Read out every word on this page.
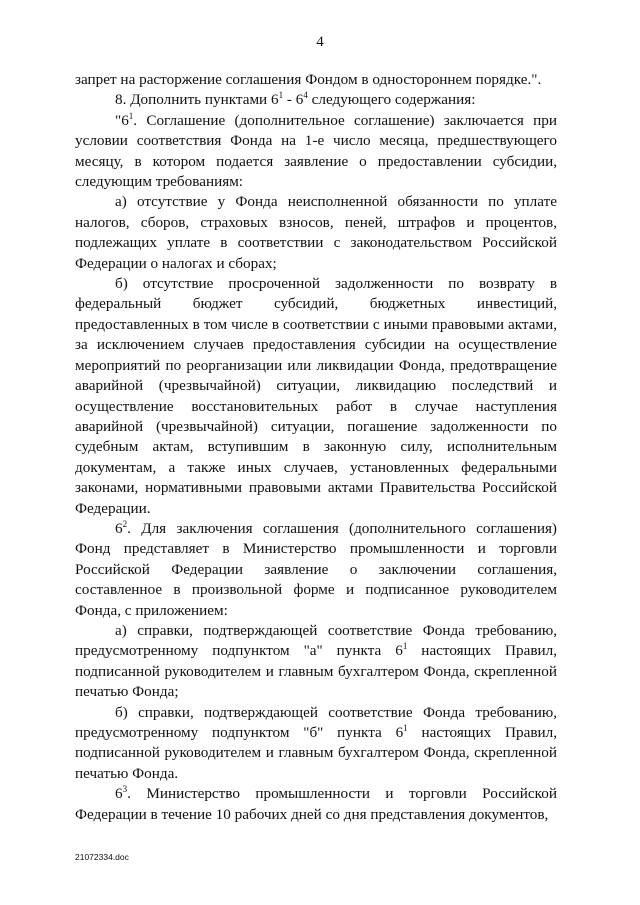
4

запрет на расторжение соглашения Фондом в одностороннем порядке.".

8. Дополнить пунктами $6^1 - 6^4$ следующего содержания:

"$6^1$. Соглашение (дополнительное соглашение) заключается при условии соответствия Фонда на 1-е число месяца, предшествующего месяцу, в котором подается заявление о предоставлении субсидии, следующим требованиям:

а) отсутствие у Фонда неисполненной обязанности по уплате налогов, сборов, страховых взносов, пеней, штрафов и процентов, подлежащих уплате в соответствии с законодательством Российской Федерации о налогах и сборах;

б) отсутствие просроченной задолженности по возврату в федеральный бюджет субсидий, бюджетных инвестиций, предоставленных в том числе в соответствии с иными правовыми актами, за исключением случаев предоставления субсидии на осуществление мероприятий по реорганизации или ликвидации Фонда, предотвращение аварийной (чрезвычайной) ситуации, ликвидацию последствий и осуществление восстановительных работ в случае наступления аварийной (чрезвычайной) ситуации, погашение задолженности по судебным актам, вступившим в законную силу, исполнительным документам, а также иных случаев, установленных федеральными законами, нормативными правовыми актами Правительства Российской Федерации.

$6^2$. Для заключения соглашения (дополнительного соглашения) Фонд представляет в Министерство промышленности и торговли Российской Федерации заявление о заключении соглашения, составленное в произвольной форме и подписанное руководителем Фонда, с приложением:

а) справки, подтверждающей соответствие Фонда требованию, предусмотренному подпунктом "а" пункта $6^1$ настоящих Правил, подписанной руководителем и главным бухгалтером Фонда, скрепленной печатью Фонда;

б) справки, подтверждающей соответствие Фонда требованию, предусмотренному подпунктом "б" пункта $6^1$ настоящих Правил, подписанной руководителем и главным бухгалтером Фонда, скрепленной печатью Фонда.

$6^3$. Министерство промышленности и торговли Российской Федерации в течение 10 рабочих дней со дня представления документов,

21072334.doc
